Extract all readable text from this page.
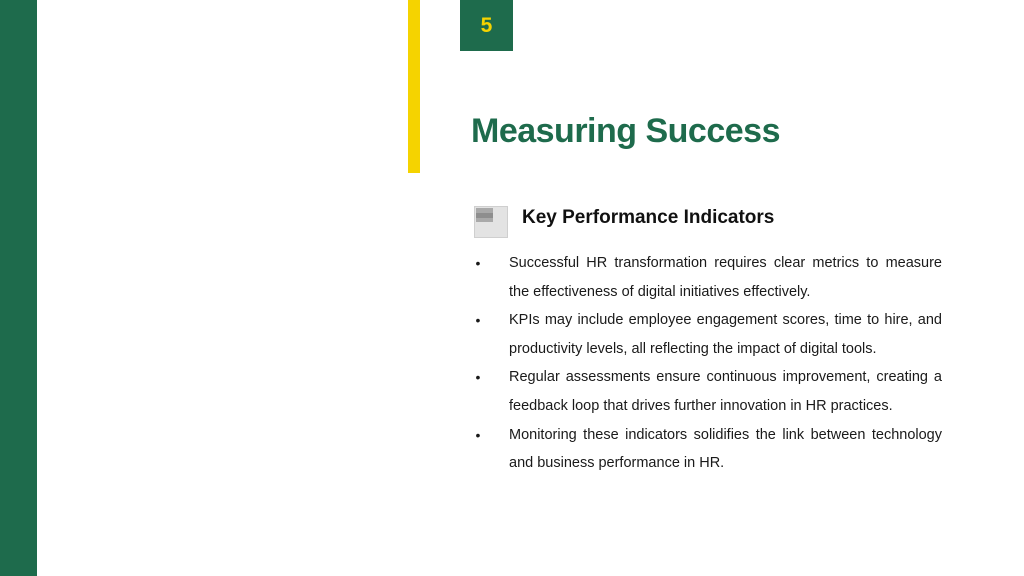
5
Measuring Success
Key Performance Indicators
•	Successful HR transformation requires clear metrics to measure the effectiveness of digital initiatives effectively.
•	KPIs may include employee engagement scores, time to hire, and productivity levels, all reflecting the impact of digital tools.
•	Regular assessments ensure continuous improvement, creating a feedback loop that drives further innovation in HR practices.
•	Monitoring these indicators solidifies the link between technology and business performance in HR.
